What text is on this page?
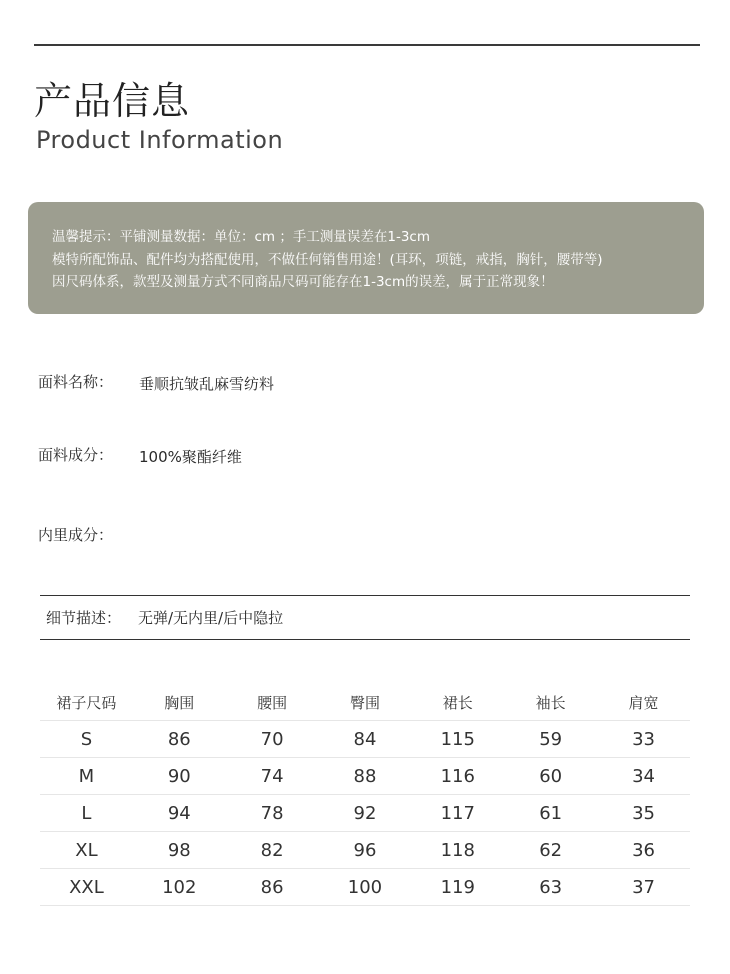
产品信息
Product Information
温馨提示：平铺测量数据：单位：cm ；手工测量误差在1-3cm
模特所配饰品、配件均为搭配使用，不做任何销售用途！(耳环，项链，戒指，胸针，腰带等)
因尺码体系，款型及测量方式不同商品尺码可能存在1-3cm的误差，属于正常现象！
面料名称： 垂顺抗皱乱麻雪纺料
面料成分： 100%聚酯纤维
内里成分：
细节描述： 无弹/无内里/后中隐拉
裙子尺码	胸围	腰围	臀围	裙长	袖长	肩宽
S	86	70	84	115	59	33
M	90	74	88	116	60	34
L	94	78	92	117	61	35
XL	98	82	96	118	62	36
XXL	102	86	100	119	63	37
